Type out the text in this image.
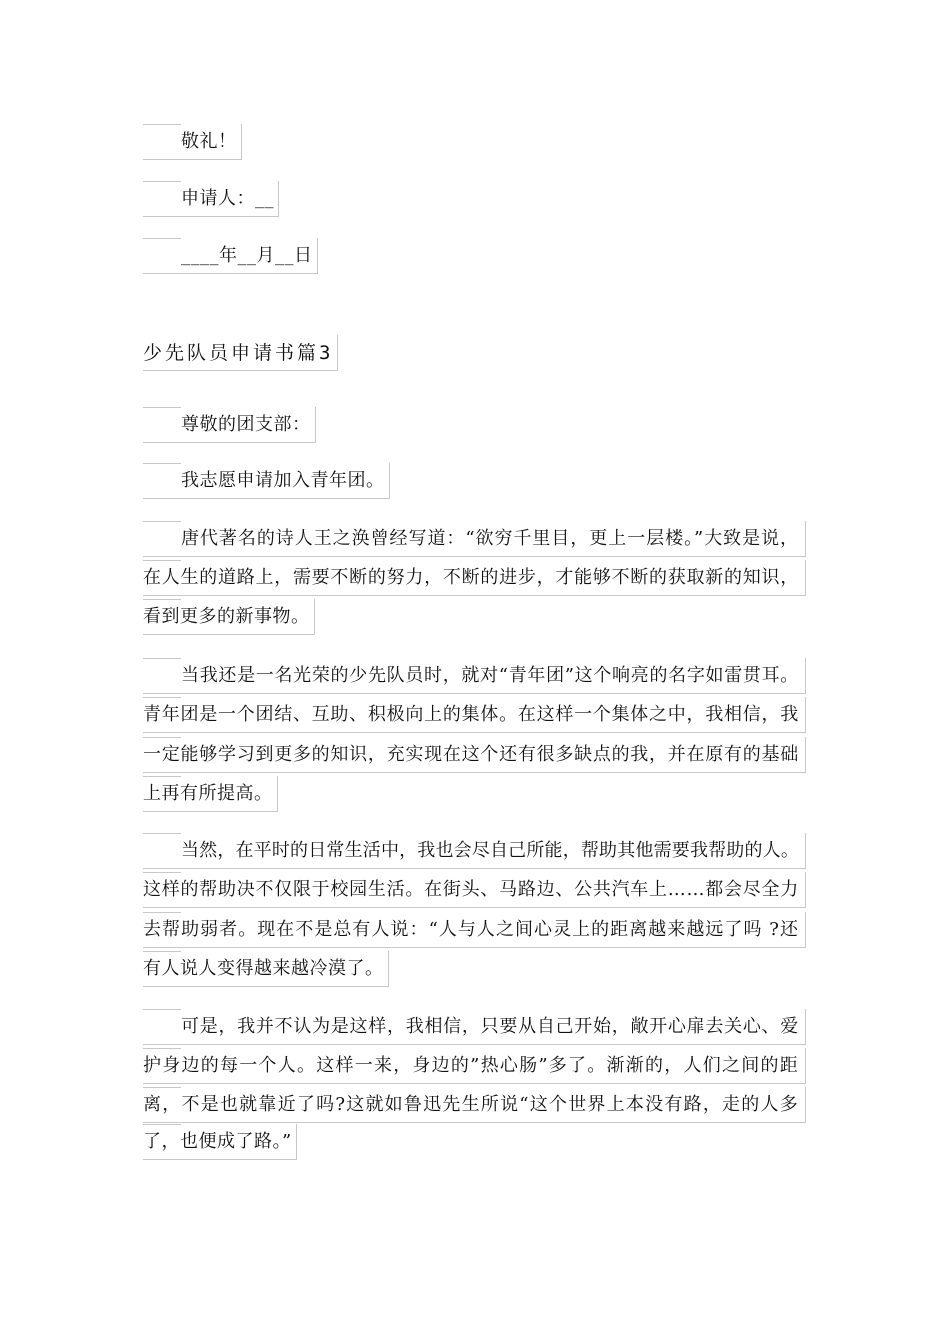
敬礼！
申请人：__
____年__月__日
少先队员申请书篇3
尊敬的团支部：
我志愿申请加入青年团。
唐代著名的诗人王之涣曾经写道：“欲穷千里目，更上一层楼。”大致是说，
在人生的道路上，需要不断的努力，不断的进步，才能够不断的获取新的知识，
看到更多的新事物。
当我还是一名光荣的少先队员时，就对“青年团”这个响亮的名字如雷贯耳。
青年团是一个团结、互助、积极向上的集体。在这样一个集体之中，我相信，我
一定能够学习到更多的知识，充实现在这个还有很多缺点的我，并在原有的基础
上再有所提高。
当然，在平时的日常生活中，我也会尽自己所能，帮助其他需要我帮助的人。
这样的帮助决不仅限于校园生活。在街头、马路边、公共汽车上……都会尽全力
去帮助弱者。现在不是总有人说：“人与人之间心灵上的距离越来越远了吗 ?还
有人说人变得越来越冷漠了。
可是，我并不认为是这样，我相信，只要从自己开始，敞开心扉去关心、爱
护身边的每一个人。这样一来，身边的”热心肠”多了。渐渐的，人们之间的距
离，不是也就靠近了吗?这就如鲁迅先生所说“这个世界上本没有路，走的人多
了，也便成了路。”
